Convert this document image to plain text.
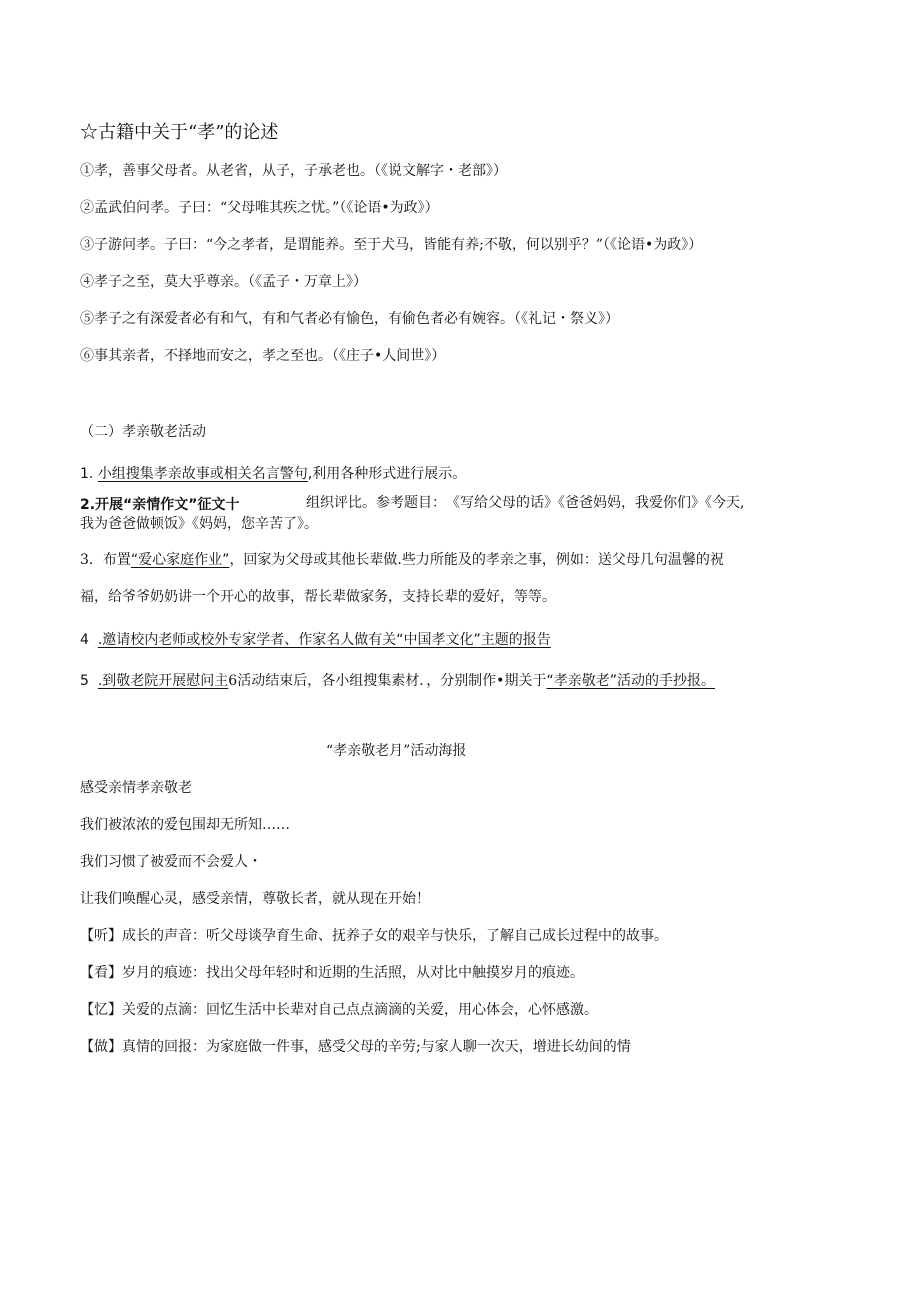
☆古籍中关于“孝”的论述
①孝，善事父母者。从老省，从子，子承老也。（《说文解字・老部》）
②孟武伯问孝。子曰：“父母唯其疾之忧。”（《论语•为政》）
③子游问孝。子曰：“今之孝者，是谓能养。至于犬马，皆能有养;不敬，何以别乎？”（《论语•为政》）
④孝子之至，莫大乎尊亲。（《孟子・万章上》）
⑤孝子之有深爱者必有和气，有和气者必有愉色，有偷色者必有婉容。（《礼记・祭义》）
⑥事其亲者，不择地而安之，孝之至也。（《庄子•人间世》）
（二）孝亲敬老活动
1. 小组搜集孝亲故事或相关名言警句,利用各种形式进行展示。
2.开展“亲情作文”征文十	组织评比。参考题目：　《写给父母的话》《爸爸妈妈，我爱你们》《今天,
我为爸爸做顿饭》《妈妈，您辛苦了》。
3．布置“爱心家庭作业”，回家为父母或其他长辈做.些力所能及的孝亲之事，例如：送父母几句温馨的祝
福，给爷爷奶奶讲一个开心的故事，帮长辈做家务，支持长辈的爱好，等等。
4 .邀请校内老师或校外专家学者、作家名人做有关“中国孝文化”主题的报告
5 .到敬老院开展慰问主6活动结束后，各小组搜集素材．，分别制作•期关于“孝亲敬老”活动的手抄报。
“孝亲敬老月”活动海报
感受亲情孝亲敬老
我们被浓浓的爱包围却无所知……
我们习惯了被爱而不会爱人・
让我们唤醒心灵，感受亲情，尊敬长者，就从现在开始！
【听】成长的声音：听父母谈孕育生命、抚养子女的艰辛与快乐，了解自己成长过程中的故事。
【看】岁月的痕迹：找出父母年轻时和近期的生活照，从对比中触摸岁月的痕迹。
【忆】关爱的点滴：回忆生活中长辈对自己点点滴滴的关爱，用心体会，心怀感激。
【做】真情的回报：为家庭做一件事，感受父母的辛劳;与家人聊一次天，增进长幼间的情
